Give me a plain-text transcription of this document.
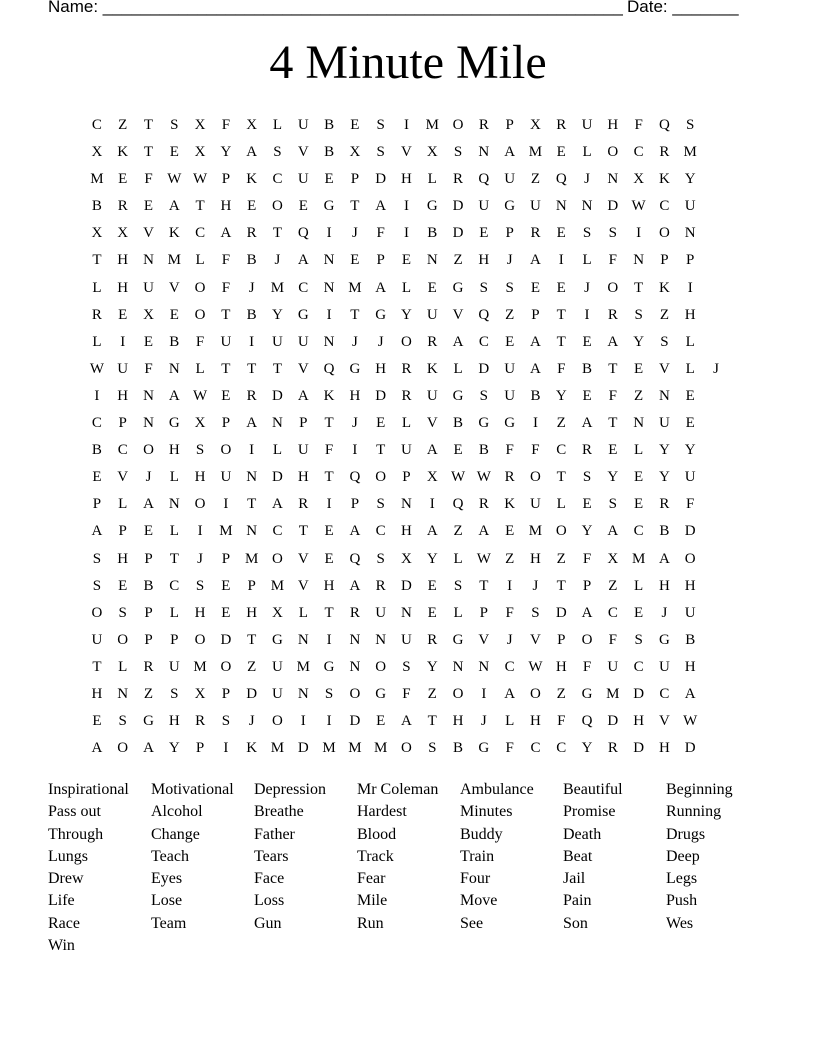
Name: _______________________________________________________ Date: _______
4 Minute Mile
C	Z	T	S	X	F	X	L	U	B	E	S	I	M O	R	P	X	R	U H	F	Q	S
X K	T	E	X Y A	S	V	B	X	S	V X	S	N A M E	L	O	C	R M
M E	F W W P	K	C	U	E	P	D H	L	R	Q U	Z	Q	J	N X K Y
B	R	E	A	T	H	E	O	E	G	T	A	I	G D U G U N N D W C	U
X X V K	C	A	R	T	Q	I	J	F	I	B	D	E	P	R	E	S	S	I	O N
T	H N M L	F	B	J	A N	E	P	E	N	Z	H	J	A	I	L	F	N	P	P
L	H U V O	F	J	M C	N M A	L	E	G	S	S	E	E	J	O	T	K	I
R	E	X	E	O	T	B	Y G	I	T	G Y U V Q	Z	P	T	I	R	S	Z	H
L	I	E	B	F	U	I	U U N	J	J	O	R	A	C	E	A	T	E	A Y	S	L
W U	F	N	L	T	T	T	V Q G H	R	K	L	D U A	F	B	T	E	V	L	J
I	H N A W E	R	D A K H D	R	U G	S	U	B	Y	E	F	Z	N	E
C	P	N G X	P	A N	P	T	J	E	L	V	B	G G	I	Z	A	T	N U	E
B	C	O H	S	O	I	L	U	F	I	T	U A	E	B	F	F	C	R	E	L	Y Y
E	V	J	L	H U N D H	T	Q O	P	X W W R	O	T	S	Y	E	Y U
P	L	A N O	I	T	A	R	I	P	S	N	I	Q	R	K U	L	E	S	E	R	F
A	P	E	L	I	M N	C	T	E	A	C	H A	Z	A	E M O Y A	C	B	D
S	H	P	T	J	P M O V	E	Q	S	X Y	L W Z	H	Z	F	X M A O
S	E	B	C	S	E	P M V H A	R	D	E	S	T	I	J	T	P	Z	L	H H
O	S	P	L	H	E	H X	L	T	R	U N	E	L	P	F	S	D A	C	E	J	U
U O	P	P	O D	T	G N	I	N N U	R	G V	J	V	P	O	F	S	G	B
T	L	R	U M O	Z	U M G N O	S	Y N N	C W H	F	U	C	U H
H N	Z	S	X	P	D U N	S	O G	F	Z	O	I	A O	Z	G M D	C	A
E	S	G H	R	S	J	O	I	I	D	E	A	T	H	J	L	H	F	Q D H V W
A O A Y	P	I	K M D M M M O	S	B	G	F	C	C	Y	R	D H D
Inspirational	Motivational	Depression	Mr Coleman	Ambulance	Beautiful	Beginning
Pass out	Alcohol	Breathe	Hardest	Minutes	Promise	Running
Through	Change	Father	Blood	Buddy	Death	Drugs
Lungs	Teach	Tears	Track	Train	Beat	Deep
Drew	Eyes	Face	Fear	Four	Jail	Legs
Life	Lose	Loss	Mile	Move	Pain	Push
Race	Team	Gun	Run	See	Son	Wes
Win
